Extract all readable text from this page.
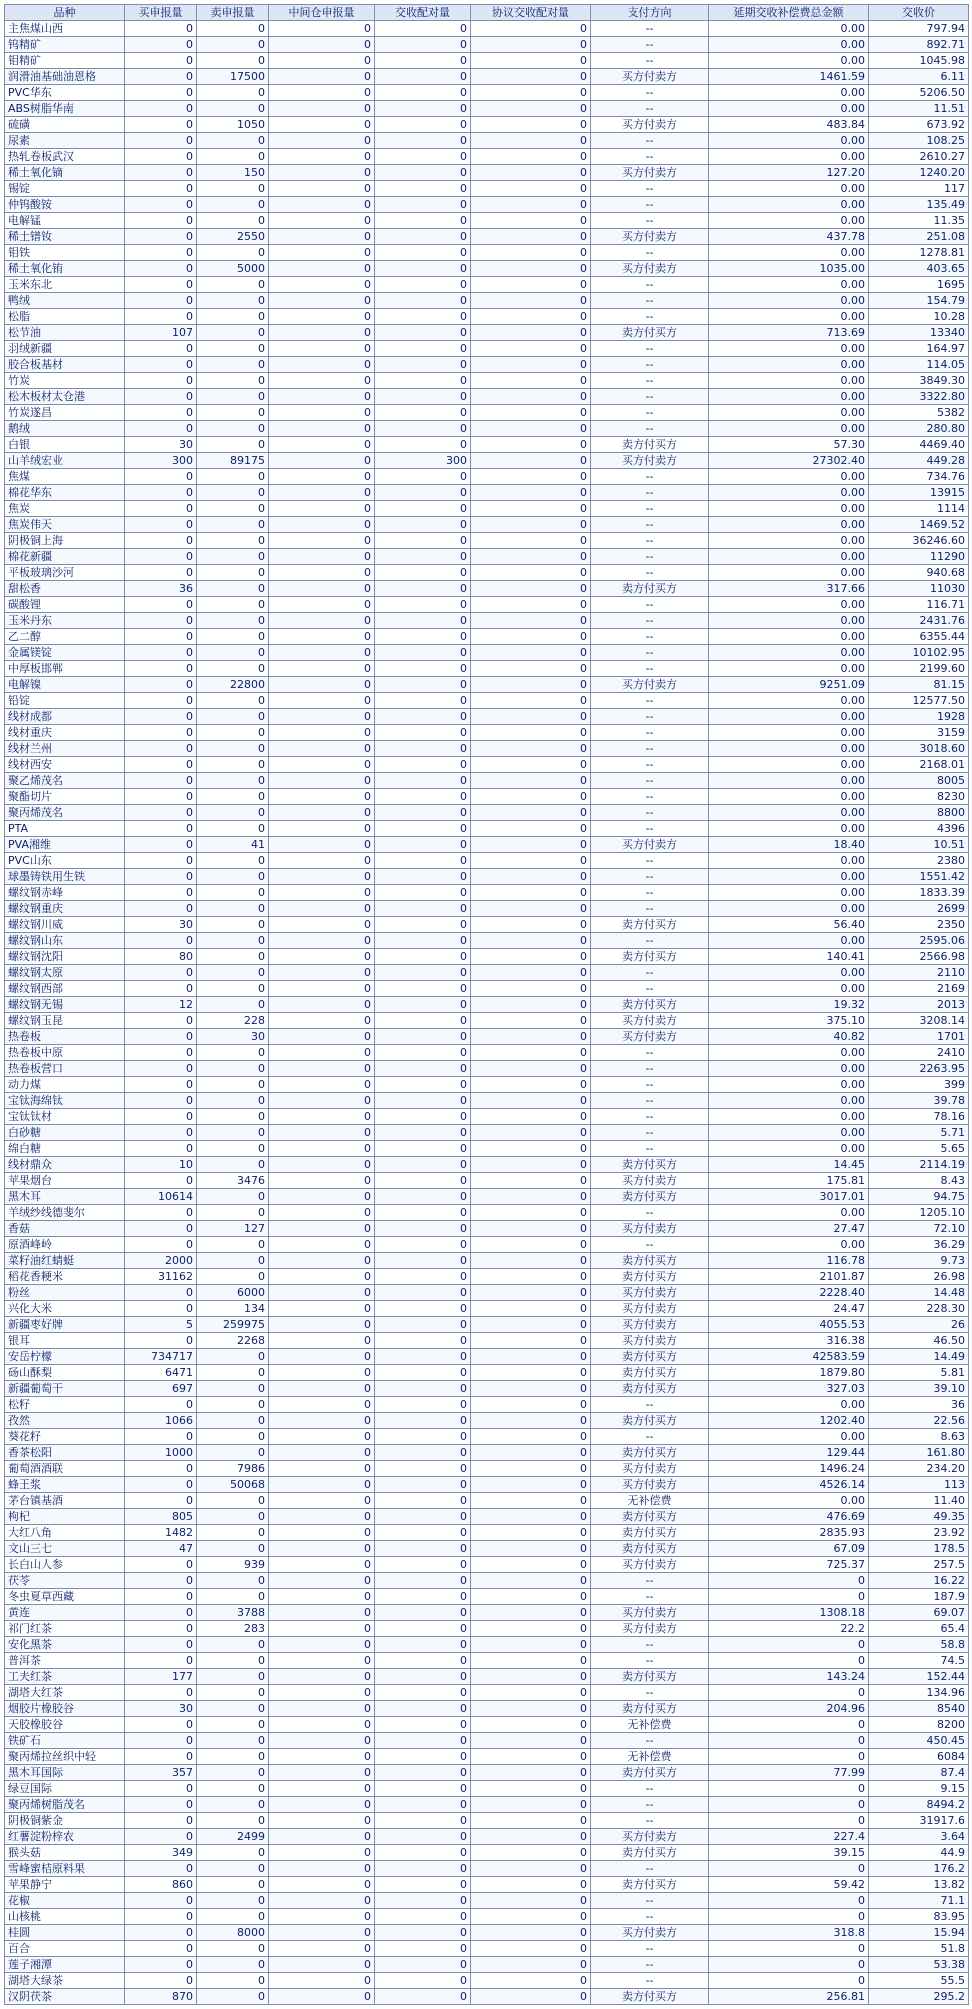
品种	买申报量	卖申报量	中间仓申报量	交收配对量	协议交收配对量	支付方向	延期交收补偿费总金额	交收价
主焦煤山西	0	0	0	0	0	--	0.00	797.94
钨精矿	0	0	0	0	0	--	0.00	892.71
钼精矿	0	0	0	0	0	--	0.00	1045.98
润滑油基础油恩格	0	17500	0	0	0	买方付卖方	1461.59	6.11
PVC华东	0	0	0	0	0	--	0.00	5206.50
ABS树脂华南	0	0	0	0	0	--	0.00	11.51
硫磺	0	1050	0	0	0	买方付卖方	483.84	673.92
尿素	0	0	0	0	0	--	0.00	108.25
热轧卷板武汉	0	0	0	0	0	--	0.00	2610.27
稀土氧化镝	0	150	0	0	0	买方付卖方	127.20	1240.20
锡锭	0	0	0	0	0	--	0.00	117
仲钨酸铵	0	0	0	0	0	--	0.00	135.49
电解锰	0	0	0	0	0	--	0.00	11.35
稀土镨钕	0	2550	0	0	0	买方付卖方	437.78	251.08
钼铁	0	0	0	0	0	--	0.00	1278.81
稀土氧化铕	0	5000	0	0	0	买方付卖方	1035.00	403.65
玉米东北	0	0	0	0	0	--	0.00	1695
鸭绒	0	0	0	0	0	--	0.00	154.79
松脂	0	0	0	0	0	--	0.00	10.28
松节油	107	0	0	0	0	卖方付买方	713.69	13340
羽绒新疆	0	0	0	0	0	--	0.00	164.97
胶合板基材	0	0	0	0	0	--	0.00	114.05
竹炭	0	0	0	0	0	--	0.00	3849.30
松木板材太仓港	0	0	0	0	0	--	0.00	3322.80
竹炭遂昌	0	0	0	0	0	--	0.00	5382
鹅绒	0	0	0	0	0	--	0.00	280.80
白银	30	0	0	0	0	卖方付买方	57.30	4469.40
山羊绒宏业	300	89175	0	300	0	买方付卖方	27302.40	449.28
焦煤	0	0	0	0	0	--	0.00	734.76
棉花华东	0	0	0	0	0	--	0.00	13915
焦炭	0	0	0	0	0	--	0.00	1114
焦炭伟天	0	0	0	0	0	--	0.00	1469.52
阴极铜上海	0	0	0	0	0	--	0.00	36246.60
棉花新疆	0	0	0	0	0	--	0.00	11290
平板玻璃沙河	0	0	0	0	0	--	0.00	940.68
甜松香	36	0	0	0	0	卖方付买方	317.66	11030
碳酸锂	0	0	0	0	0	--	0.00	116.71
玉米丹东	0	0	0	0	0	--	0.00	2431.76
乙二醇	0	0	0	0	0	--	0.00	6355.44
金属镁锭	0	0	0	0	0	--	0.00	10102.95
中厚板邯郸	0	0	0	0	0	--	0.00	2199.60
电解镍	0	22800	0	0	0	买方付卖方	9251.09	81.15
铅锭	0	0	0	0	0	--	0.00	12577.50
线材成都	0	0	0	0	0	--	0.00	1928
线材重庆	0	0	0	0	0	--	0.00	3159
线材兰州	0	0	0	0	0	--	0.00	3018.60
线材西安	0	0	0	0	0	--	0.00	2168.01
聚乙烯茂名	0	0	0	0	0	--	0.00	8005
聚酯切片	0	0	0	0	0	--	0.00	8230
聚丙烯茂名	0	0	0	0	0	--	0.00	8800
PTA	0	0	0	0	0	--	0.00	4396
PVA湘维	0	41	0	0	0	买方付卖方	18.40	10.51
PVC山东	0	0	0	0	0	--	0.00	2380
球墨铸铁用生铁	0	0	0	0	0	--	0.00	1551.42
螺纹钢赤峰	0	0	0	0	0	--	0.00	1833.39
螺纹钢重庆	0	0	0	0	0	--	0.00	2699
螺纹钢川威	30	0	0	0	0	卖方付买方	56.40	2350
螺纹钢山东	0	0	0	0	0	--	0.00	2595.06
螺纹钢沈阳	80	0	0	0	0	卖方付买方	140.41	2566.98
螺纹钢太原	0	0	0	0	0	--	0.00	2110
螺纹钢西部	0	0	0	0	0	--	0.00	2169
螺纹钢无锡	12	0	0	0	0	卖方付买方	19.32	2013
螺纹钢玉昆	0	228	0	0	0	买方付卖方	375.10	3208.14
热卷板	0	30	0	0	0	买方付卖方	40.82	1701
热卷板中原	0	0	0	0	0	--	0.00	2410
热卷板营口	0	0	0	0	0	--	0.00	2263.95
动力煤	0	0	0	0	0	--	0.00	399
宝钛海绵钛	0	0	0	0	0	--	0.00	39.78
宝钛钛材	0	0	0	0	0	--	0.00	78.16
白砂糖	0	0	0	0	0	--	0.00	5.71
绵白糖	0	0	0	0	0	--	0.00	5.65
线材鼎众	10	0	0	0	0	卖方付买方	14.45	2114.19
苹果烟台	0	3476	0	0	0	买方付卖方	175.81	8.43
黑木耳	10614	0	0	0	0	卖方付买方	3017.01	94.75
羊绒纱线德斐尔	0	0	0	0	0	--	0.00	1205.10
香菇	0	127	0	0	0	买方付卖方	27.47	72.10
原酒峰岭	0	0	0	0	0	--	0.00	36.29
菜籽油红蜻蜓	2000	0	0	0	0	卖方付买方	116.78	9.73
稻花香粳米	31162	0	0	0	0	卖方付买方	2101.87	26.98
粉丝	0	6000	0	0	0	买方付卖方	2228.40	14.48
兴化大米	0	134	0	0	0	买方付卖方	24.47	228.30
新疆枣好牌	5	259975	0	0	0	买方付卖方	4055.53	26
银耳	0	2268	0	0	0	买方付卖方	316.38	46.50
安岳柠檬	734717	0	0	0	0	卖方付买方	42583.59	14.49
砀山酥梨	6471	0	0	0	0	卖方付买方	1879.80	5.81
新疆葡萄干	697	0	0	0	0	卖方付买方	327.03	39.10
松籽	0	0	0	0	0	--	0.00	36
孜然	1066	0	0	0	0	卖方付买方	1202.40	22.56
葵花籽	0	0	0	0	0	--	0.00	8.63
香茶松阳	1000	0	0	0	0	卖方付买方	129.44	161.80
葡萄酒酒联	0	7986	0	0	0	买方付卖方	1496.24	234.20
蜂王浆	0	50068	0	0	0	买方付卖方	4526.14	113
茅台镇基酒	0	0	0	0	0	无补偿费	0.00	11.40
枸杞	805	0	0	0	0	卖方付买方	476.69	49.35
大红八角	1482	0	0	0	0	卖方付买方	2835.93	23.92
文山三七	47	0	0	0	0	卖方付买方	67.09	178.5
长白山人参	0	939	0	0	0	买方付卖方	725.37	257.5
茯苓	0	0	0	0	0	--	0	16.22
冬虫夏草西藏	0	0	0	0	0	--	0	187.9
黄连	0	3788	0	0	0	买方付卖方	1308.18	69.07
祁门红茶	0	283	0	0	0	买方付卖方	22.2	65.4
安化黑茶	0	0	0	0	0	--	0	58.8
普洱茶	0	0	0	0	0	--	0	74.5
工夫红茶	177	0	0	0	0	卖方付买方	143.24	152.44
湖塔大红茶	0	0	0	0	0	--	0	134.96
烟胶片橡胶谷	30	0	0	0	0	卖方付买方	204.96	8540
天胶橡胶谷	0	0	0	0	0	无补偿费	0	8200
铁矿石	0	0	0	0	0	--	0	450.45
聚丙烯拉丝织中轻	0	0	0	0	0	无补偿费	0	6084
黑木耳国际	357	0	0	0	0	卖方付买方	77.99	87.4
绿豆国际	0	0	0	0	0	--	0	9.15
聚丙烯树脂茂名	0	0	0	0	0	--	0	8494.2
阴极铜紫金	0	0	0	0	0	--	0	31917.6
红薯淀粉梓农	0	2499	0	0	0	买方付卖方	227.4	3.64
猴头菇	349	0	0	0	0	卖方付买方	39.15	44.9
雪峰蜜桔原料果	0	0	0	0	0	--	0	176.2
苹果静宁	860	0	0	0	0	卖方付买方	59.42	13.82
花椒	0	0	0	0	0	--	0	71.1
山核桃	0	0	0	0	0	--	0	83.95
桂圆	0	8000	0	0	0	买方付卖方	318.8	15.94
百合	0	0	0	0	0	--	0	51.8
莲子湘潭	0	0	0	0	0	--	0	53.38
湖塔大绿茶	0	0	0	0	0	--	0	55.5
汉阴茯茶	870	0	0	0	0	卖方付买方	256.81	295.2
